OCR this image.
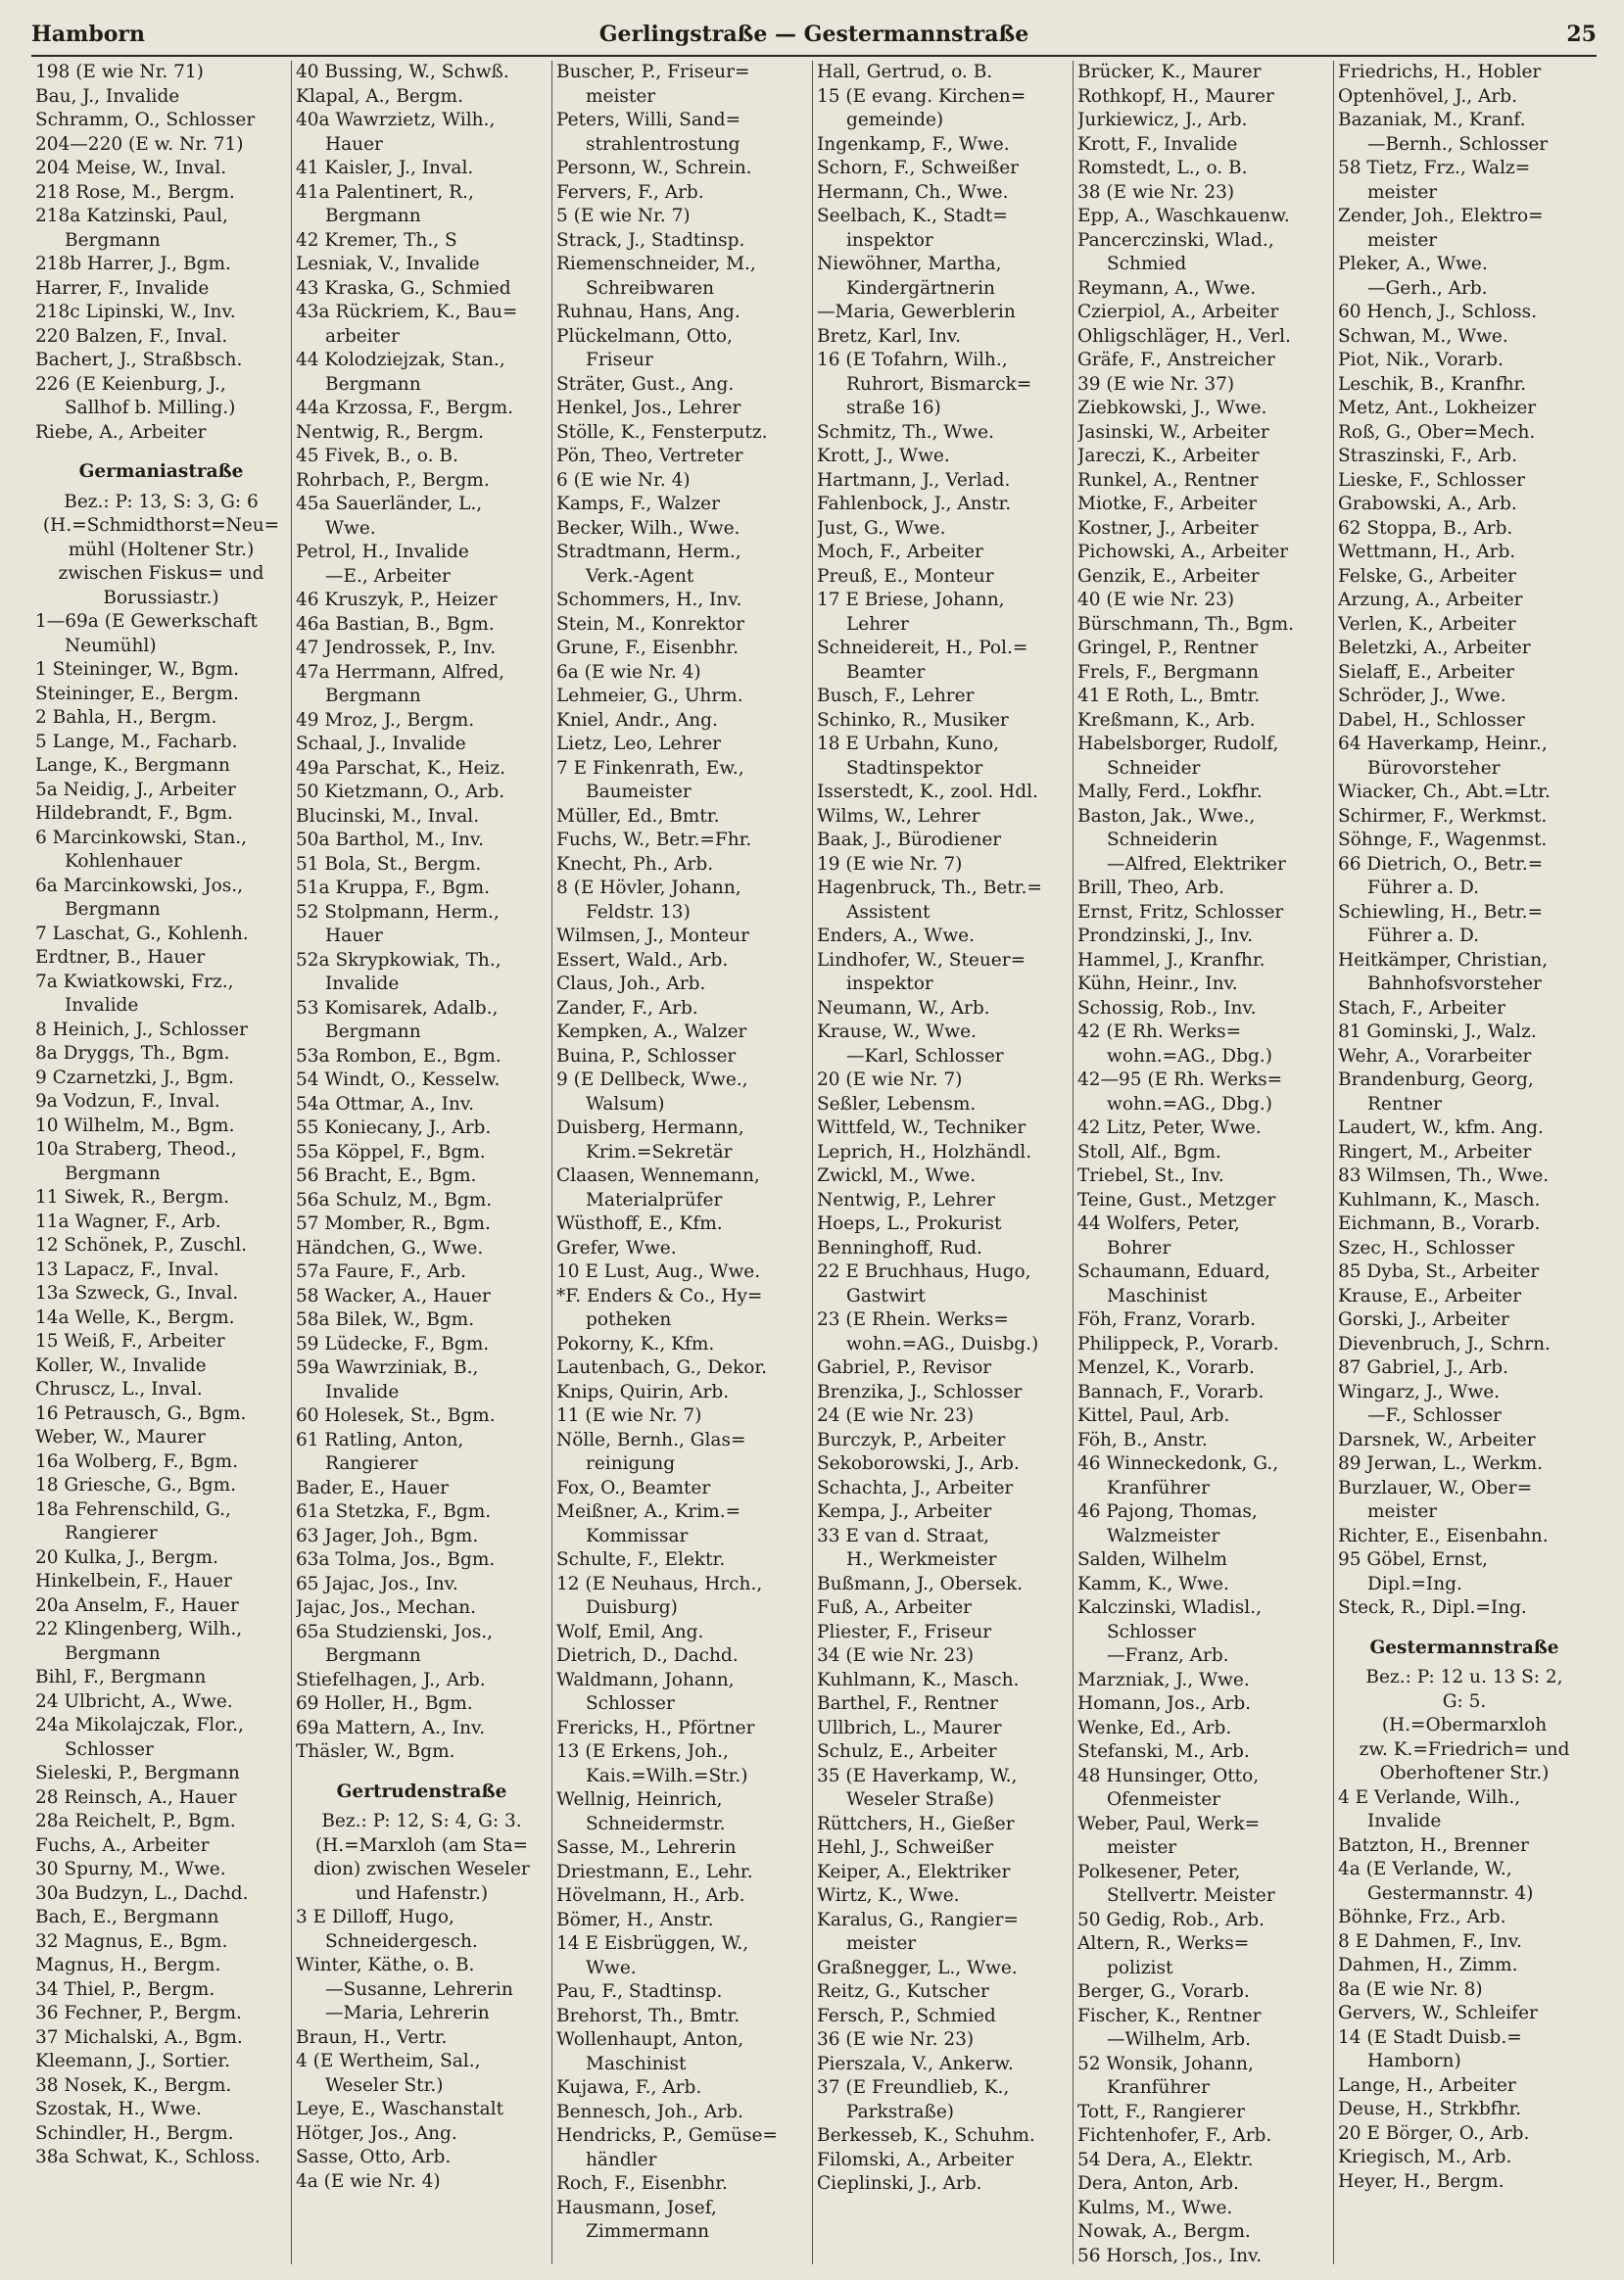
Hamborn	Gerlingstraße — Gestermannstraße	25
198 (E wie Nr. 71)
Bau, J., Invalide
Schramm, O., Schlosser
204—220 (E w. Nr. 71)
204 Meise, W., Inval.
218 Rose, M., Bergm.
218a Katzinski, Paul,
Bergmann
218b Harrer, J., Bgm.
Harrer, F., Invalide
218c Lipinski, W., Inv.
220 Balzen, F., Inval.
Bachert, J., Straßbsch.
226 (E Keienburg, J.,
Sallhof b. Milling.)
Riebe, A., Arbeiter
Germaniastraße
Bez.: P: 13, S: 3, G: 6
(H.=Schmidthorst=Neu=
mühl (Holtener Str.)
zwischen Fiskus= und
Borussiastr.)
1—69a (E Gewerkschaft
Neumühl)
1 Steininger, W., Bgm.
Steininger, E., Bergm.
2 Bahla, H., Bergm.
5 Lange, M., Facharb.
Lange, K., Bergmann
5a Neidig, J., Arbeiter
Hildebrandt, F., Bgm.
6 Marcinkowski, Stan.,
Kohlenhauer
6a Marcinkowski, Jos.,
Bergmann
7 Laschat, G., Kohlenh.
Erdtner, B., Hauer
7a Kwiatkowski, Frz.,
Invalide
8 Heinich, J., Schlosser
8a Dryggs, Th., Bgm.
9 Czarnetzki, J., Bgm.
9a Vodzun, F., Inval.
10 Wilhelm, M., Bgm.
10a Straberg, Theod.,
Bergmann
11 Siwek, R., Bergm.
11a Wagner, F., Arb.
12 Schönek, P., Zuschl.
13 Lapacz, F., Inval.
13a Szweck, G., Inval.
14a Welle, K., Bergm.
15 Weiß, F., Arbeiter
Koller, W., Invalide
Chruscz, L., Inval.
16 Petrausch, G., Bgm.
Weber, W., Maurer
16a Wolberg, F., Bgm.
18 Griesche, G., Bgm.
18a Fehrenschild, G.,
Rangierer
20 Kulka, J., Bergm.
Hinkelbein, F., Hauer
20a Anselm, F., Hauer
22 Klingenberg, Wilh.,
Bergmann
Bihl, F., Bergmann
24 Ulbricht, A., Wwe.
24a Mikolajczak, Flor.,
Schlosser
Sieleski, P., Bergmann
28 Reinsch, A., Hauer
28a Reichelt, P., Bgm.
Fuchs, A., Arbeiter
30 Spurny, M., Wwe.
30a Budzyn, L., Dachd.
Bach, E., Bergmann
32 Magnus, E., Bgm.
Magnus, H., Bergm.
34 Thiel, P., Bergm.
36 Fechner, P., Bergm.
37 Michalski, A., Bgm.
Kleemann, J., Sortier.
38 Nosek, K., Bergm.
Szostak, H., Wwe.
Schindler, H., Bergm.
38a Schwat, K., Schloss.
40 Bussing, W., Schwß.
Klapal, A., Bergm.
40a Wawrzietz, Wilh.,
Hauer
41 Kaisler, J., Inval.
41a Palentinert, R.,
Bergmann
42 Kremer, Th., S
Lesniak, V., Invalide
43 Kraska, G., Schmied
43a Rückriem, K., Bau=
arbeiter
44 Kolodziejzak, Stan.,
Bergmann
44a Krzossa, F., Bergm.
Nentwig, R., Bergm.
45 Fivek, B., o. B.
Rohrbach, P., Bergm.
45a Sauerländer, L.,
Wwe.
Petrol, H., Invalide
—E., Arbeiter
46 Kruszyk, P., Heizer
46a Bastian, B., Bgm.
47 Jendrossek, P., Inv.
47a Herrmann, Alfred,
Bergmann
49 Mroz, J., Bergm.
Schaal, J., Invalide
49a Parschat, K., Heiz.
50 Kietzmann, O., Arb.
Blucinski, M., Inval.
50a Barthol, M., Inv.
51 Bola, St., Bergm.
51a Kruppa, F., Bgm.
52 Stolpmann, Herm.,
Hauer
52a Skrypkowiak, Th.,
Invalide
53 Komisarek, Adalb.,
Bergmann
53a Rombon, E., Bgm.
54 Windt, O., Kesselw.
54a Ottmar, A., Inv.
55 Koniecany, J., Arb.
55a Köppel, F., Bgm.
56 Bracht, E., Bgm.
56a Schulz, M., Bgm.
57 Momber, R., Bgm.
Händchen, G., Wwe.
57a Faure, F., Arb.
58 Wacker, A., Hauer
58a Bilek, W., Bgm.
59 Lüdecke, F., Bgm.
59a Wawrziniak, B.,
Invalide
60 Holesek, St., Bgm.
61 Ratling, Anton,
Rangierer
Bader, E., Hauer
61a Stetzka, F., Bgm.
63 Jager, Joh., Bgm.
63a Tolma, Jos., Bgm.
65 Jajac, Jos., Inv.
Jajac, Jos., Mechan.
65a Studzienski, Jos.,
Bergmann
Stiefelhagen, J., Arb.
69 Holler, H., Bgm.
69a Mattern, A., Inv.
Thäsler, W., Bgm.
Gertrudenstraße
Bez.: P: 12, S: 4, G: 3.
(H.=Marxloh (am Sta=
dion) zwischen Weseler
und Hafenstr.)
3 E Dilloff, Hugo,
Schneidergesch.
Winter, Käthe, o. B.
—Susanne, Lehrerin
—Maria, Lehrerin
Braun, H., Vertr.
4 (E Wertheim, Sal.,
Weseler Str.)
Leye, E., Waschanstalt
Hötger, Jos., Ang.
Sasse, Otto, Arb.
4a (E wie Nr. 4)
Buscher, P., Friseur=
meister
Peters, Willi, Sand=
strahlentrostung
Personn, W., Schrein.
Fervers, F., Arb.
5 (E wie Nr. 7)
Strack, J., Stadtinsp.
Riemenschneider, M.,
Schreibwaren
Ruhnau, Hans, Ang.
Plückelmann, Otto,
Friseur
Sträter, Gust., Ang.
Henkel, Jos., Lehrer
Stölle, K., Fensterputz.
Pön, Theo, Vertreter
6 (E wie Nr. 4)
Kamps, F., Walzer
Becker, Wilh., Wwe.
Stradtmann, Herm.,
Verk.-Agent
Schommers, H., Inv.
Stein, M., Konrektor
Grune, F., Eisenbhr.
6a (E wie Nr. 4)
Lehmeier, G., Uhrm.
Kniel, Andr., Ang.
Lietz, Leo, Lehrer
7 E Finkenrath, Ew.,
Baumeister
Müller, Ed., Bmtr.
Fuchs, W., Betr.=Fhr.
Knecht, Ph., Arb.
8 (E Hövler, Johann,
Feldstr. 13)
Wilmsen, J., Monteur
Essert, Wald., Arb.
Claus, Joh., Arb.
Zander, F., Arb.
Kempken, A., Walzer
Buina, P., Schlosser
9 (E Dellbeck, Wwe.,
Walsum)
Duisberg, Hermann,
Krim.=Sekretär
Claasen, Wennemann,
Materialprüfer
Wüsthoff, E., Kfm.
Grefer, Wwe.
10 E Lust, Aug., Wwe.
*F. Enders & Co., Hy=
potheken
Pokorny, K., Kfm.
Lautenbach, G., Dekor.
Knips, Quirin, Arb.
11 (E wie Nr. 7)
Nölle, Bernh., Glas=
reinigung
Fox, O., Beamter
Meißner, A., Krim.=
Kommissar
Schulte, F., Elektr.
12 (E Neuhaus, Hrch.,
Duisburg)
Wolf, Emil, Ang.
Dietrich, D., Dachd.
Waldmann, Johann,
Schlosser
Frericks, H., Pförtner
13 (E Erkens, Joh.,
Kais.=Wilh.=Str.)
Wellnig, Heinrich,
Schneidermstr.
Sasse, M., Lehrerin
Driestmann, E., Lehr.
Hövelmann, H., Arb.
Bömer, H., Anstr.
14 E Eisbrüggen, W.,
Wwe.
Pau, F., Stadtinsp.
Brehorst, Th., Bmtr.
Wollenhaupt, Anton,
Maschinist
Kujawa, F., Arb.
Bennesch, Joh., Arb.
Hendricks, P., Gemüse=
händler
Roch, F., Eisenbhr.
Hausmann, Josef,
Zimmermann
Hall, Gertrud, o. B.
15 (E evang. Kirchen=
gemeinde)
Ingenkamp, F., Wwe.
Schorn, F., Schweißer
Hermann, Ch., Wwe.
Seelbach, K., Stadt=
inspektor
Niewöhner, Martha,
Kindergärtnerin
—Maria, Gewerblerin
Bretz, Karl, Inv.
16 (E Tofahrn, Wilh.,
Ruhrort, Bismarck=
straße 16)
Schmitz, Th., Wwe.
Krott, J., Wwe.
Hartmann, J., Verlad.
Fahlenbock, J., Anstr.
Just, G., Wwe.
Moch, F., Arbeiter
Preuß, E., Monteur
17 E Briese, Johann,
Lehrer
Schneidereit, H., Pol.=
Beamter
Busch, F., Lehrer
Schinko, R., Musiker
18 E Urbahn, Kuno,
Stadtinspektor
Isserstedt, K., zool. Hdl.
Wilms, W., Lehrer
Baak, J., Bürodiener
19 (E wie Nr. 7)
Hagenbruck, Th., Betr.=
Assistent
Enders, A., Wwe.
Lindhofer, W., Steuer=
inspektor
Neumann, W., Arb.
Krause, W., Wwe.
—Karl, Schlosser
20 (E wie Nr. 7)
Seßler, Lebensm.
Wittfeld, W., Techniker
Leprich, H., Holzhändl.
Zwickl, M., Wwe.
Nentwig, P., Lehrer
Hoeps, L., Prokurist
Benninghoff, Rud.
22 E Bruchhaus, Hugo,
Gastwirt
23 (E Rhein. Werks=
wohn.=AG., Duisbg.)
Gabriel, P., Revisor
Brenzika, J., Schlosser
24 (E wie Nr. 23)
Burczyk, P., Arbeiter
Sekoborowski, J., Arb.
Schachta, J., Arbeiter
Kempa, J., Arbeiter
33 E van d. Straat,
H., Werkmeister
Bußmann, J., Obersek.
Fuß, A., Arbeiter
Pliester, F., Friseur
34 (E wie Nr. 23)
Kuhlmann, K., Masch.
Barthel, F., Rentner
Ullbrich, L., Maurer
Schulz, E., Arbeiter
35 (E Haverkamp, W.,
Weseler Straße)
Rüttchers, H., Gießer
Hehl, J., Schweißer
Keiper, A., Elektriker
Wirtz, K., Wwe.
Karalus, G., Rangier=
meister
Graßnegger, L., Wwe.
Reitz, G., Kutscher
Fersch, P., Schmied
36 (E wie Nr. 23)
Pierszala, V., Ankerw.
37 (E Freundlieb, K.,
Parkstraße)
Berkesseb, K., Schuhm.
Filomski, A., Arbeiter
Cieplinski, J., Arb.
Brücker, K., Maurer
Rothkopf, H., Maurer
Jurkiewicz, J., Arb.
Krott, F., Invalide
Romstedt, L., o. B.
38 (E wie Nr. 23)
Epp, A., Waschkauenw.
Pancerczinski, Wlad.,
Schmied
Reymann, A., Wwe.
Czierpiol, A., Arbeiter
Ohligschläger, H., Verl.
Gräfe, F., Anstreicher
39 (E wie Nr. 37)
Ziebkowski, J., Wwe.
Jasinski, W., Arbeiter
Jareczi, K., Arbeiter
Runkel, A., Rentner
Miotke, F., Arbeiter
Kostner, J., Arbeiter
Pichowski, A., Arbeiter
Genzik, E., Arbeiter
40 (E wie Nr. 23)
Bürschmann, Th., Bgm.
Gringel, P., Rentner
Frels, F., Bergmann
41 E Roth, L., Bmtr.
Kreßmann, K., Arb.
Habelsborger, Rudolf,
Schneider
Mally, Ferd., Lokfhr.
Baston, Jak., Wwe.,
Schneiderin
—Alfred, Elektriker
Brill, Theo, Arb.
Ernst, Fritz, Schlosser
Prondzinski, J., Inv.
Hammel, J., Kranfhr.
Kühn, Heinr., Inv.
Schossig, Rob., Inv.
42 (E Rh. Werks=
wohn.=AG., Dbg.)
42—95 (E Rh. Werks=
wohn.=AG., Dbg.)
42 Litz, Peter, Wwe.
Stoll, Alf., Bgm.
Triebel, St., Inv.
Teine, Gust., Metzger
44 Wolfers, Peter,
Bohrer
Schaumann, Eduard,
Maschinist
Föh, Franz, Vorarb.
Philippeck, P., Vorarb.
Menzel, K., Vorarb.
Bannach, F., Vorarb.
Kittel, Paul, Arb.
Föh, B., Anstr.
46 Winneckedonk, G.,
Kranführer
46 Pajong, Thomas,
Walzmeister
Salden, Wilhelm
Kamm, K., Wwe.
Kalczinski, Wladisl.,
Schlosser
—Franz, Arb.
Marzniak, J., Wwe.
Homann, Jos., Arb.
Wenke, Ed., Arb.
Stefanski, M., Arb.
48 Hunsinger, Otto,
Ofenmeister
Weber, Paul, Werk=
meister
Polkesener, Peter,
Stellvertr. Meister
50 Gedig, Rob., Arb.
Altern, R., Werks=
polizist
Berger, G., Vorarb.
Fischer, K., Rentner
—Wilhelm, Arb.
52 Wonsik, Johann,
Kranführer
Tott, F., Rangierer
Fichtenhofer, F., Arb.
54 Dera, A., Elektr.
Dera, Anton, Arb.
Kulms, M., Wwe.
Nowak, A., Bergm.
56 Horsch, Jos., Inv.
Friedrichs, H., Hobler
Optenhövel, J., Arb.
Bazaniak, M., Kranf.
—Bernh., Schlosser
58 Tietz, Frz., Walz=
meister
Zender, Joh., Elektro=
meister
Pleker, A., Wwe.
—Gerh., Arb.
60 Hench, J., Schloss.
Schwan, M., Wwe.
Piot, Nik., Vorarb.
Leschik, B., Kranfhr.
Metz, Ant., Lokheizer
Roß, G., Ober=Mech.
Straszinski, F., Arb.
Lieske, F., Schlosser
Grabowski, A., Arb.
62 Stoppa, B., Arb.
Wettmann, H., Arb.
Felske, G., Arbeiter
Arzung, A., Arbeiter
Verlen, K., Arbeiter
Beletzki, A., Arbeiter
Sielaff, E., Arbeiter
Schröder, J., Wwe.
Dabel, H., Schlosser
64 Haverkamp, Heinr.,
Bürovorsteher
Wiacker, Ch., Abt.=Ltr.
Schirmer, F., Werkmst.
Söhnge, F., Wagenmst.
66 Dietrich, O., Betr.=
Führer a. D.
Schiewling, H., Betr.=
Führer a. D.
Heitkämper, Christian,
Bahnhofsvorsteher
Stach, F., Arbeiter
81 Gominski, J., Walz.
Wehr, A., Vorarbeiter
Brandenburg, Georg,
Rentner
Laudert, W., kfm. Ang.
Ringert, M., Arbeiter
83 Wilmsen, Th., Wwe.
Kuhlmann, K., Masch.
Eichmann, B., Vorarb.
Szec, H., Schlosser
85 Dyba, St., Arbeiter
Krause, E., Arbeiter
Gorski, J., Arbeiter
Dievenbruch, J., Schrn.
87 Gabriel, J., Arb.
Wingarz, J., Wwe.
—F., Schlosser
Darsnek, W., Arbeiter
89 Jerwan, L., Werkm.
Burzlauer, W., Ober=
meister
Richter, E., Eisenbahn.
95 Göbel, Ernst,
Dipl.=Ing.
Steck, R., Dipl.=Ing.
Gestermannstraße
Bez.: P: 12 u. 13 S: 2,
G: 5.
(H.=Obermarxloh
zw. K.=Friedrich= und
Oberhoftener Str.)
4 E Verlande, Wilh.,
Invalide
Batzton, H., Brenner
4a (E Verlande, W.,
Gestermannstr. 4)
Böhnke, Frz., Arb.
8 E Dahmen, F., Inv.
Dahmen, H., Zimm.
8a (E wie Nr. 8)
Gervers, W., Schleifer
14 (E Stadt Duisb.=
Hamborn)
Lange, H., Arbeiter
Deuse, H., Strkbfhr.
20 E Börger, O., Arb.
Kriegisch, M., Arb.
Heyer, H., Bergm.
